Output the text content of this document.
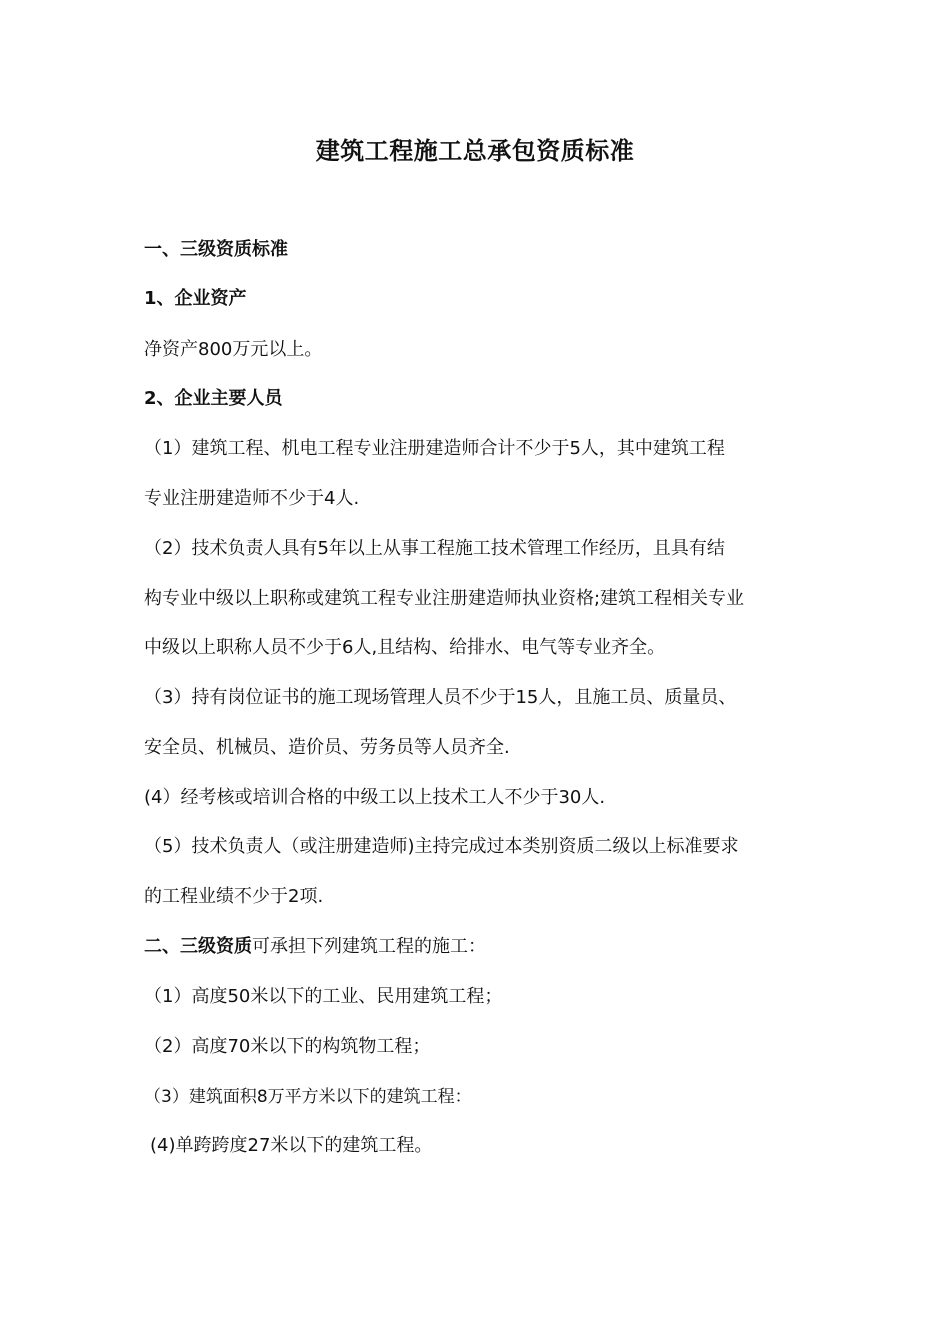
建筑工程施工总承包资质标准
一、三级资质标准
1、企业资产
净资产800万元以上。
2、企业主要人员
（1）建筑工程、机电工程专业注册建造师合计不少于5人，其中建筑工程
专业注册建造师不少于4人.
（2）技术负责人具有5年以上从事工程施工技术管理工作经历，且具有结
构专业中级以上职称或建筑工程专业注册建造师执业资格;建筑工程相关专业
中级以上职称人员不少于6人,且结构、给排水、电气等专业齐全。
（3）持有岗位证书的施工现场管理人员不少于15人，且施工员、质量员、
安全员、机械员、造价员、劳务员等人员齐全.
(4）经考核或培训合格的中级工以上技术工人不少于30人.
（5）技术负责人（或注册建造师)主持完成过本类别资质二级以上标准要求
的工程业绩不少于2项.
二、三级资质可承担下列建筑工程的施工：
（1）高度50米以下的工业、民用建筑工程；
（2）高度70米以下的构筑物工程；
（3）建筑面积8万平方米以下的建筑工程：
(4)单跨跨度27米以下的建筑工程。
